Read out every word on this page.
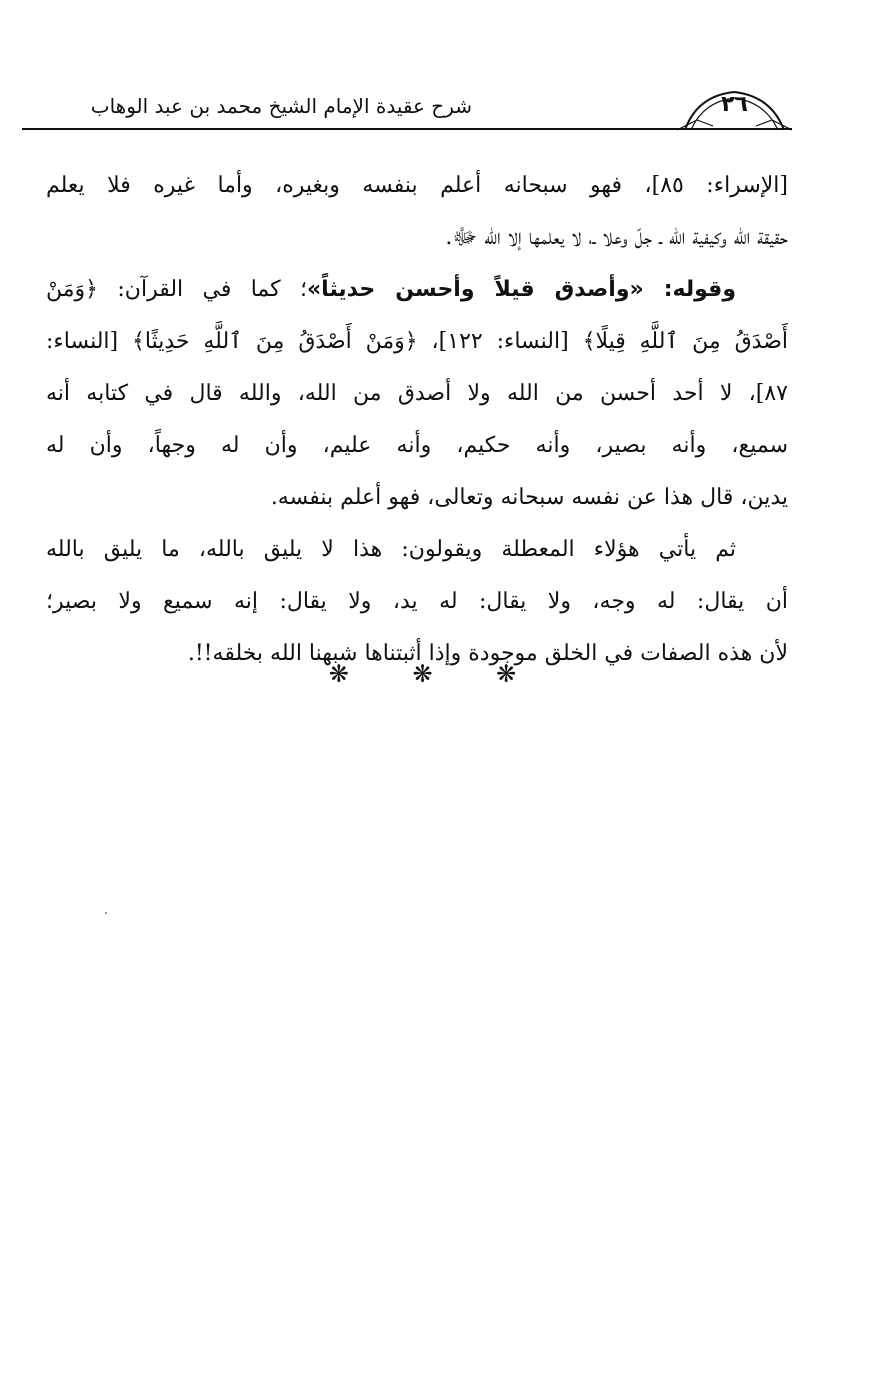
شرح عقيدة الإمام الشيخ محمد بن عبد الوهاب	٢٦
[الإسراء: ٨٥]، فهو سبحانه أعلم بنفسه وبغيره، وأما غيره فلا يعلم
حقيقة الله وكيفية الله ـ جلّ وعلا ـ، لا يعلمها إلا الله ﷻ.
وقوله: «وأصدق قيلاً وأحسن حديثاً»؛ كما في القرآن: ﴿وَمَنْ
أَصْدَقُ مِنَ ٱللَّهِ قِيلًا﴾ [النساء: ١٢٢]، ﴿وَمَنْ أَصْدَقُ مِنَ ٱللَّهِ حَدِيثًا﴾ [النساء:
٨٧]، لا أحد أحسن من الله ولا أصدق من الله، والله قال في كتابه أنه
سميع، وأنه بصير، وأنه حكيم، وأنه عليم، وأن له وجهاً، وأن له
يدين، قال هذا عن نفسه سبحانه وتعالى، فهو أعلم بنفسه.
ثم يأتي هؤلاء المعطلة ويقولون: هذا لا يليق بالله، ما يليق بالله
أن يقال: له وجه، ولا يقال: له يد، ولا يقال: إنه سميع ولا بصير؛
لأن هذه الصفات في الخلق موجودة وإذا أثبتناها شبهنا الله بخلقه!!.
❋ ❋ ❋
